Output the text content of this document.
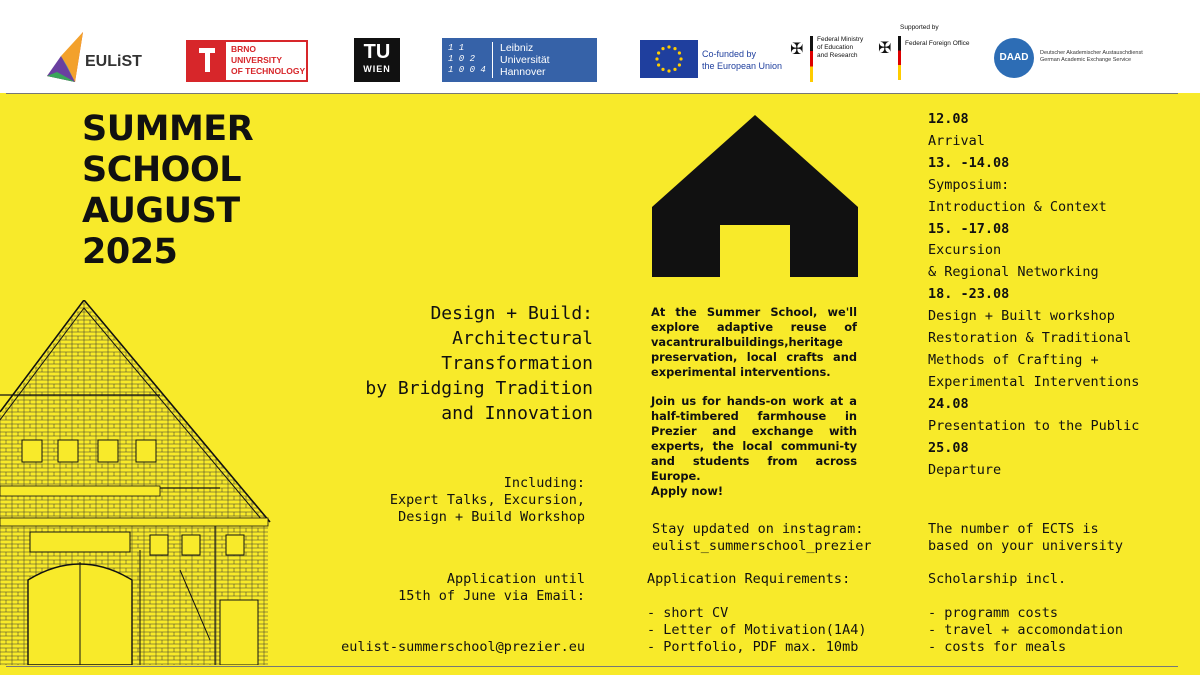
EULiST
BRNO
UNIVERSITY
OF TECHNOLOGY
TU
WIEN
1 1
1 0 2
1 0 0 4
Leibniz
Universität
Hannover
Co-funded by
the European Union
✠ Federal Ministry
of Education
and Research
Supported by
✠ Federal Foreign Office
DAAD	Deutscher Akademischer Austauschdienst
German Academic Exchange Service
SUMMER
SCHOOL
AUGUST
2025
Design + Build:
Architectural
Transformation
by Bridging Tradition
and Innovation
Including:
Expert Talks, Excursion,
Design + Build Workshop
Application until
15th of June via Email:
eulist-summerschool@prezier.eu

At the Summer School, we'll explore adaptive reuse of vacantruralbuildings,heritage preservation, local crafts and experimental interventions.

Join us for hands-on work at a half-timbered farmhouse in Prezier and exchange with experts, the local communi-ty and students from across Europe.

Apply now!
Stay updated on instagram:
eulist_summerschool_prezier
Application Requirements:
- short CV
- Letter of Motivation(1A4)
- Portfolio, PDF max. 10mb
12.08
Arrival
13. -14.08
Symposium:
Introduction & Context
15. -17.08
Excursion
& Regional Networking
18. -23.08
Design + Built workshop
Restoration & Traditional
Methods of Crafting +
Experimental Interventions
24.08
Presentation to the Public
25.08
Departure
The number of ECTS is
based on your university
Scholarship incl.
- programm costs
- travel + accomondation
- costs for meals
